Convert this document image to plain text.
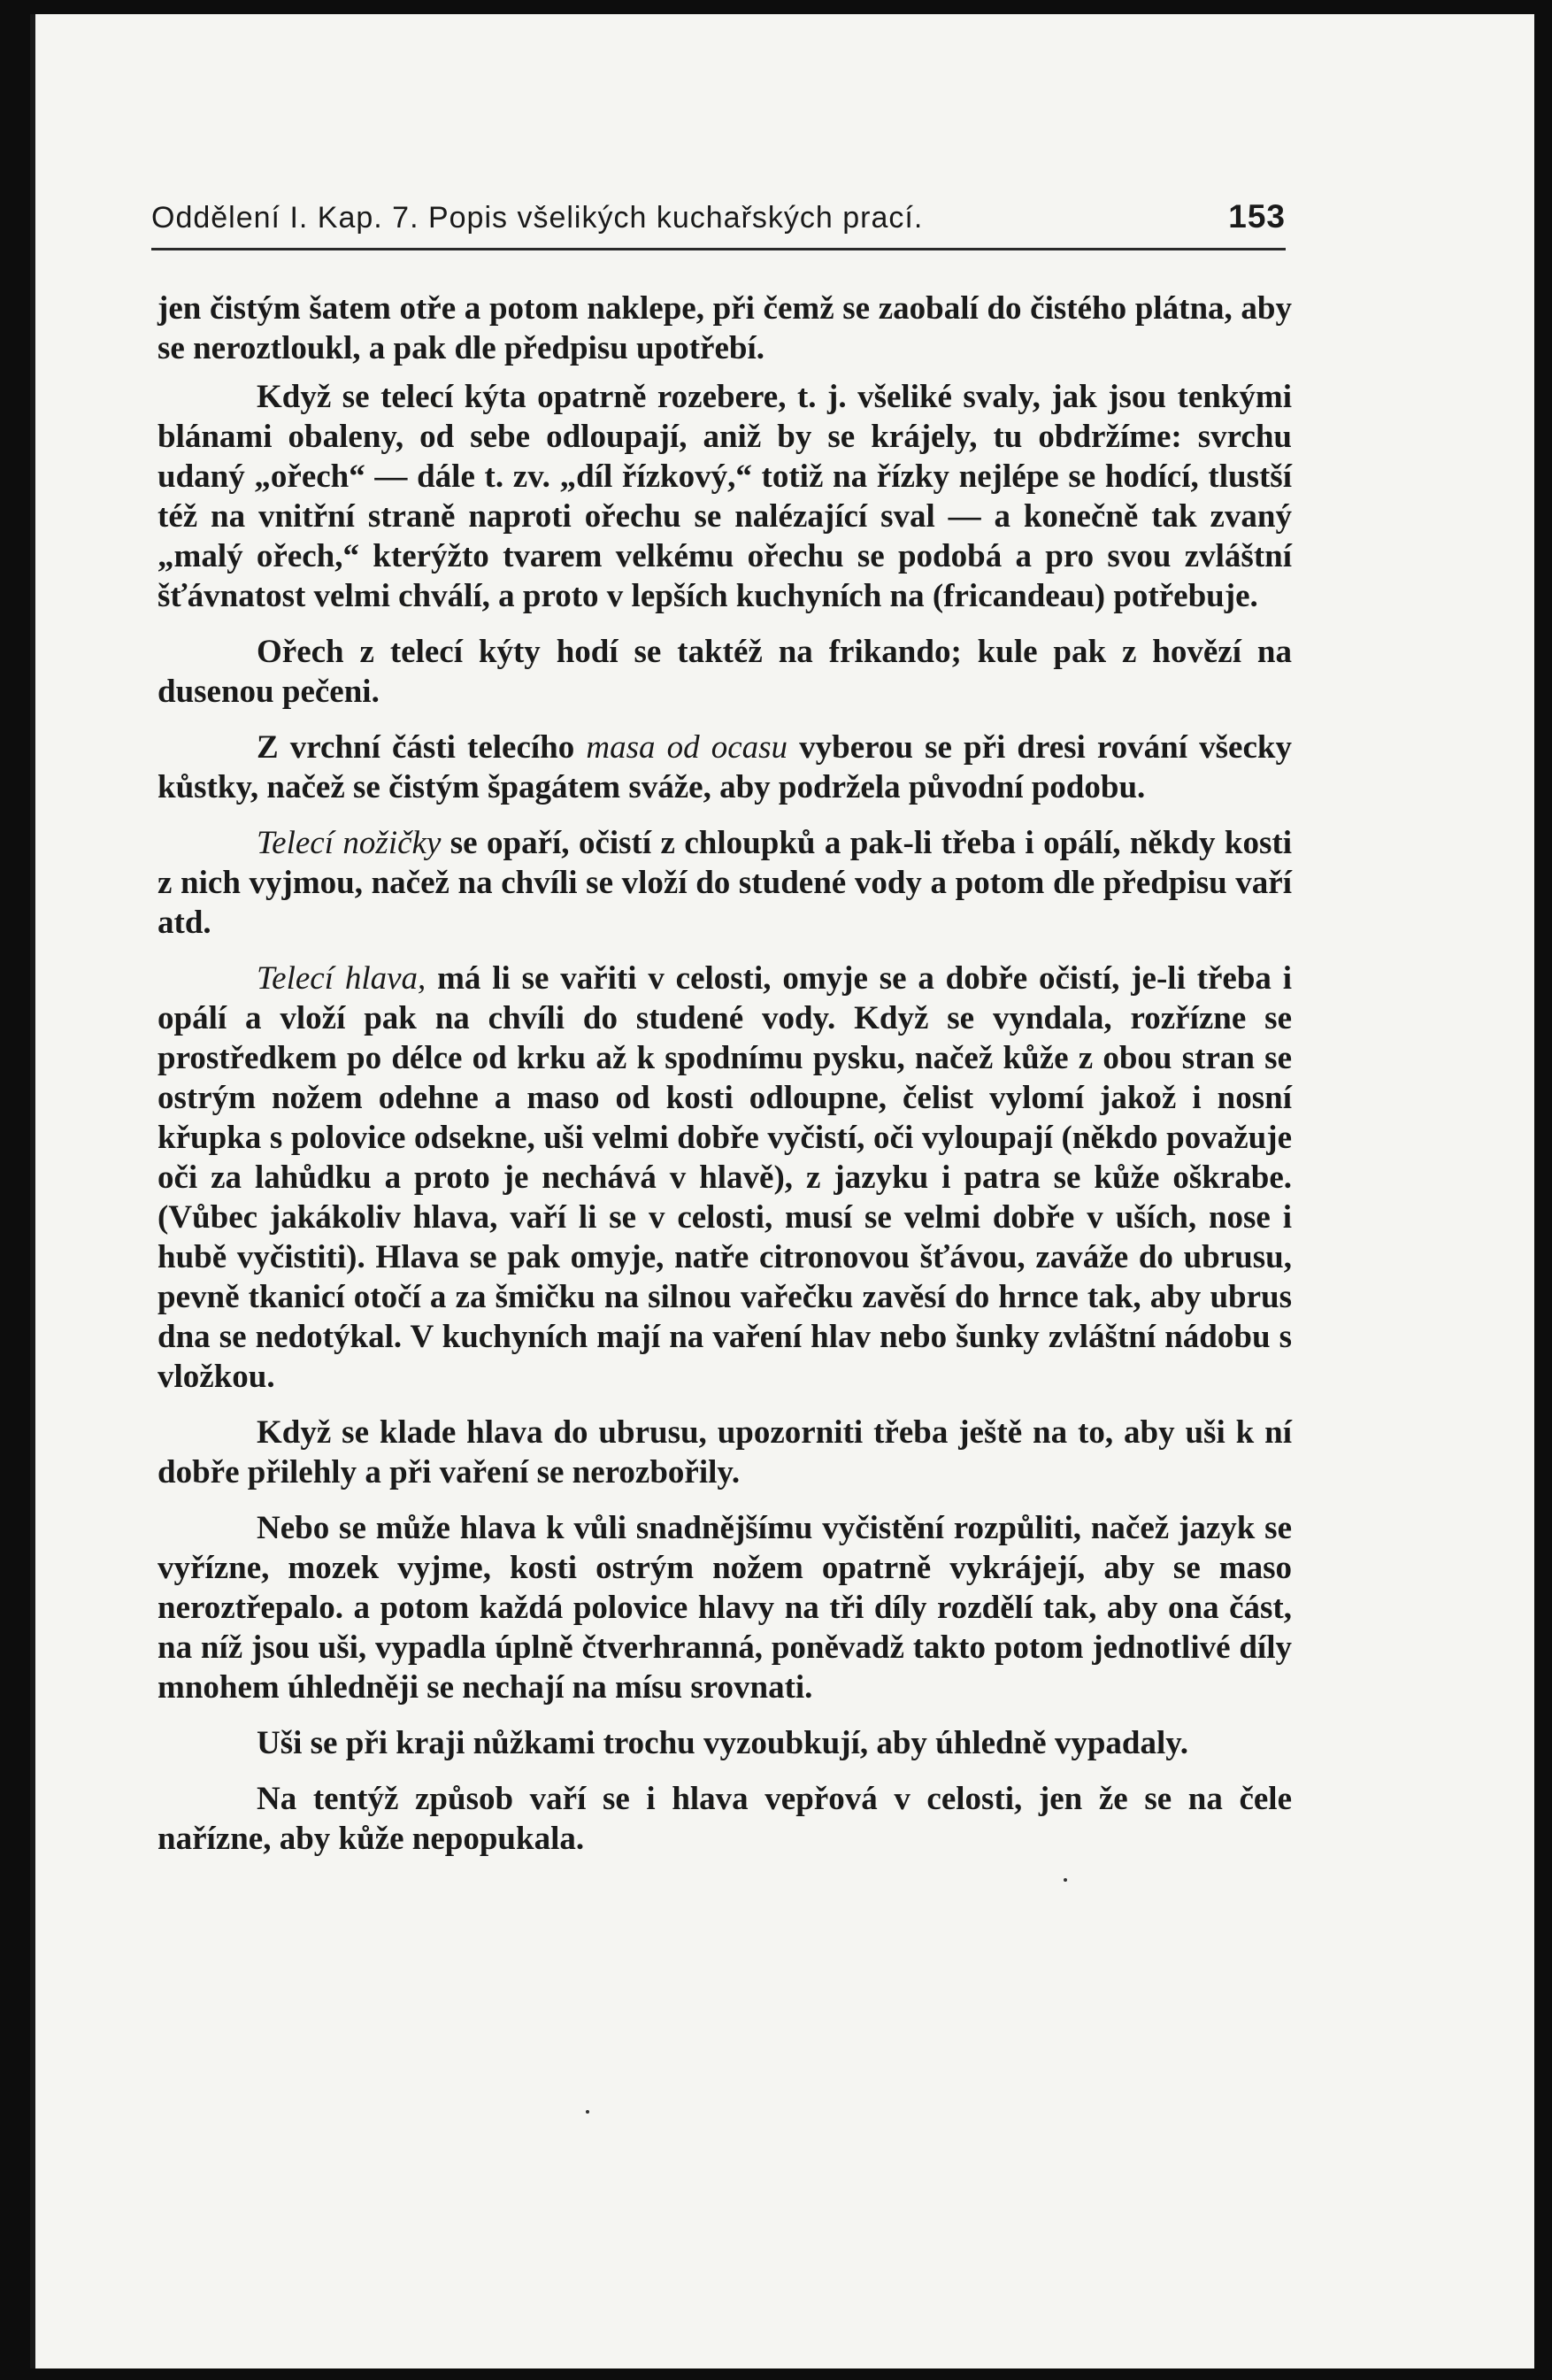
Oddělení I. Kap. 7. Popis všelikých kuchařských prací.	153

jen čistým šatem otře a potom naklepe, při čemž se zaobalí do čistého plátna, aby se neroztloukl, a pak dle předpisu upotřebí.

Když se telecí kýta opatrně rozebere, t. j. všeliké svaly, jak jsou tenkými blánami obaleny, od sebe odloupají, aniž by se krájely, tu obdržíme: svrchu udaný „ořech“ — dále t. zv. „díl řízkový,“ totiž na řízky nejlépe se hodící, tlustší též na vnitřní straně naproti ořechu se nalézající sval — a konečně tak zvaný „malý ořech,“ kterýžto tvarem velkému ořechu se podobá a pro svou zvláštní šťávnatost velmi chválí, a proto v lepších kuchyních na (fricandeau) potřebuje.

Ořech z telecí kýty hodí se taktéž na frikando; kule pak z hovězí na dusenou pečeni.

Z vrchní části telecího masa od ocasu vyberou se při dresi rování všecky kůstky, načež se čistým špagátem sváže, aby podržela původní podobu.

Telecí nožičky se opaří, očistí z chloupků a pak-li třeba i opálí, někdy kosti z nich vyjmou, načež na chvíli se vloží do studené vody a potom dle předpisu vaří atd.

Telecí hlava, má li se vařiti v celosti, omyje se a dobře očistí, je-li třeba i opálí a vloží pak na chvíli do studené vody. Když se vyndala, rozřízne se prostředkem po délce od krku až k spodnímu pysku, načež kůže z obou stran se ostrým nožem odehne a maso od kosti odloupne, čelist vylomí jakož i nosní křupka s polovice odsekne, uši velmi dobře vyčistí, oči vyloupají (někdo považuje oči za lahůdku a proto je nechává v hlavě), z jazyku i patra se kůže oškrabe. (Vůbec jakákoliv hlava, vaří li se v celosti, musí se velmi dobře v uších, nose i hubě vyčistiti). Hlava se pak omyje, natře citronovou šťávou, zaváže do ubrusu, pevně tkanicí otočí a za šmičku na silnou vařečku zavěsí do hrnce tak, aby ubrus dna se nedotýkal. V kuchyních mají na vaření hlav nebo šunky zvláštní nádobu s vložkou.

Když se klade hlava do ubrusu, upozorniti třeba ještě na to, aby uši k ní dobře přilehly a při vaření se nerozbořily.

Nebo se může hlava k vůli snadnějšímu vyčistění rozpůliti, načež jazyk se vyřízne, mozek vyjme, kosti ostrým nožem opatrně vykrájejí, aby se maso neroztřepalo. a potom každá polovice hlavy na tři díly rozdělí tak, aby ona část, na níž jsou uši, vypadla úplně čtverhranná, poněvadž takto potom jednotlivé díly mnohem úhledněji se nechají na mísu srovnati.

Uši se při kraji nůžkami trochu vyzoubkují, aby úhledně vypadaly.

Na tentýž způsob vaří se i hlava vepřová v celosti, jen že se na čele nařízne, aby kůže nepopukala.
